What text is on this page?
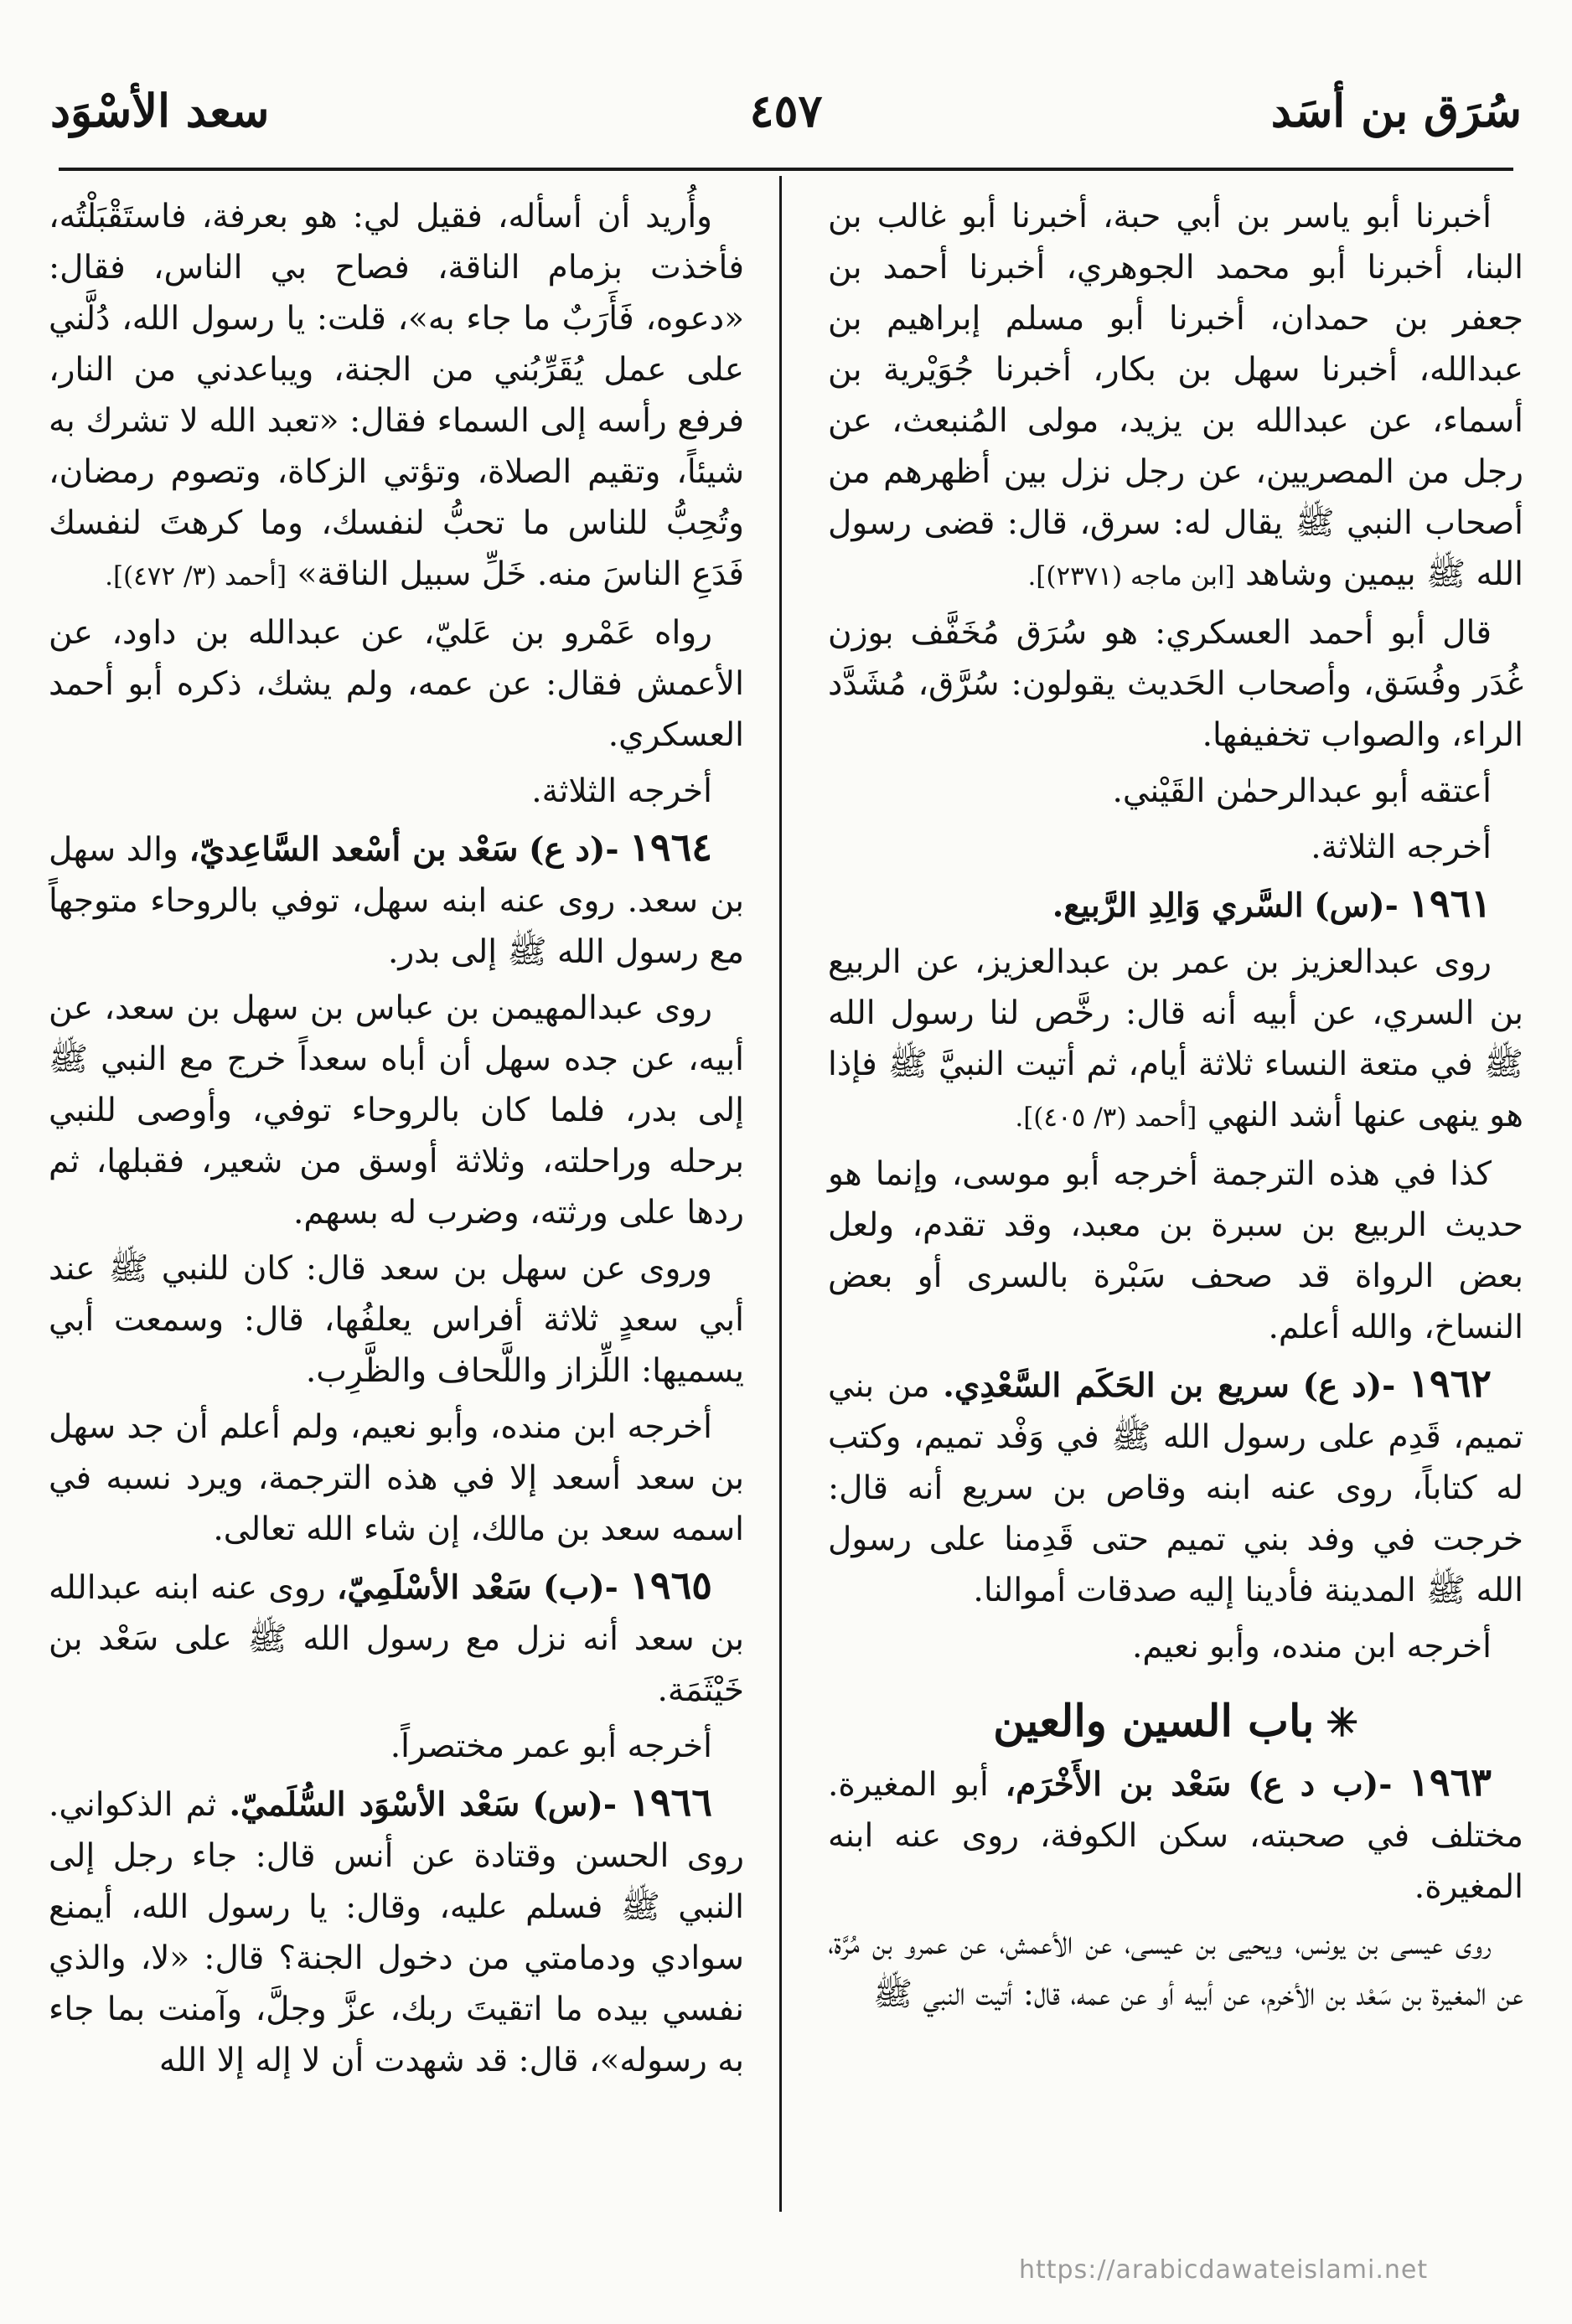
سُرَق بن أسَد
٤٥٧
سعد الأسْوَد
أخبرنا أبو ياسر بن أبي حبة، أخبرنا أبو غالب بن البنا، أخبرنا أبو محمد الجوهري، أخبرنا أحمد بن جعفر بن حمدان، أخبرنا أبو مسلم إبراهيم بن عبدالله، أخبرنا سهل بن بكار، أخبرنا جُوَيْرية بن أسماء، عن عبدالله بن يزيد، مولى المُنبعث، عن رجل من المصريين، عن رجل نزل بين أظهرهم من أصحاب النبي ﷺ يقال له: سرق، قال: قضى رسول الله ﷺ بيمين وشاهد [ابن ماجه (٢٣٧١)].
قال أبو أحمد العسكري: هو سُرَق مُخَفَّف بوزن غُدَر وفُسَق، وأصحاب الحَديث يقولون: سُرَّق، مُشَدَّد الراء، والصواب تخفيفها.
أعتقه أبو عبدالرحمٰن القَيْني.
أخرجه الثلاثة.
١٩٦١ -(س) السَّري وَالِدِ الرَّبيع.
روى عبدالعزيز بن عمر بن عبدالعزيز، عن الربيع بن السري، عن أبيه أنه قال: رخَّص لنا رسول الله ﷺ في متعة النساء ثلاثة أيام، ثم أتيت النبيَّ ﷺ فإذا هو ينهى عنها أشد النهي [أحمد (٣/ ٤٠٥)].
كذا في هذه الترجمة أخرجه أبو موسى، وإنما هو حديث الربيع بن سبرة بن معبد، وقد تقدم، ولعل بعض الرواة قد صحف سَبْرة بالسرى أو بعض النساخ، والله أعلم.
١٩٦٢ -(د ع) سريع بن الحَكَم السَّعْدِي. من بني تميم، قَدِم على رسول الله ﷺ في وَفْد تميم، وكتب له كتاباً، روى عنه ابنه وقاص بن سريع أنه قال: خرجت في وفد بني تميم حتى قَدِمنا على رسول الله ﷺ المدينة فأدينا إليه صدقات أموالنا.
أخرجه ابن منده، وأبو نعيم.
✳باب السين والعين
١٩٦٣ -(ب د ع) سَعْد بن الأَخْرَم، أبو المغيرة. مختلف في صحبته، سكن الكوفة، روى عنه ابنه المغيرة.
روى عيسى بن يونس، ويحيى بن عيسى، عن الأعمش، عن عمرو بن مُرَّة، عن المغيرة بن سَعْد بن الأخرم، عن أبيه أو عن عمه، قال: أتيت النبي ﷺ
وأُريد أن أسأله، فقيل لي: هو بعرفة، فاستَقْبَلْتُه، فأخذت بزمام الناقة، فصاح بي الناس، فقال: «دعوه، فَأَرَبٌ ما جاء به»، قلت: يا رسول الله، دُلَّني على عمل يُقَرِّبُني من الجنة، ويباعدني من النار، فرفع رأسه إلى السماء فقال: «تعبد الله لا تشرك به شيئاً، وتقيم الصلاة، وتؤتي الزكاة، وتصوم رمضان، وتُحِبُّ للناس ما تحبُّ لنفسك، وما كرهتَ لنفسك فَدَعِ الناسَ منه. خَلِّ سبيل الناقة» [أحمد (٣/ ٤٧٢)].
رواه عَمْرو بن عَليّ، عن عبدالله بن داود، عن الأعمش فقال: عن عمه، ولم يشك، ذكره أبو أحمد العسكري.
أخرجه الثلاثة.
١٩٦٤ -(د ع) سَعْد بن أسْعد السَّاعِديّ، والد سهل بن سعد. روى عنه ابنه سهل، توفي بالروحاء متوجهاً مع رسول الله ﷺ إلى بدر.
روى عبدالمهيمن بن عباس بن سهل بن سعد، عن أبيه، عن جده سهل أن أباه سعداً خرج مع النبي ﷺ إلى بدر، فلما كان بالروحاء توفي، وأوصى للنبي برحله وراحلته، وثلاثة أوسق من شعير، فقبلها، ثم ردها على ورثته، وضرب له بسهم.
وروى عن سهل بن سعد قال: كان للنبي ﷺ عند أبي سعدٍ ثلاثة أفراس يعلفُها، قال: وسمعت أبي يسميها: اللِّزاز واللَّحاف والظَّرِب.
أخرجه ابن منده، وأبو نعيم، ولم أعلم أن جد سهل بن سعد أسعد إلا في هذه الترجمة، ويرد نسبه في اسمه سعد بن مالك، إن شاء الله تعالى.
١٩٦٥ -(ب) سَعْد الأسْلَمِيّ، روى عنه ابنه عبدالله بن سعد أنه نزل مع رسول الله ﷺ على سَعْد بن خَيْثَمَة.
أخرجه أبو عمر مختصراً.
١٩٦٦ -(س) سَعْد الأسْوَد السُّلَميّ. ثم الذكواني. روى الحسن وقتادة عن أنس قال: جاء رجل إلى النبي ﷺ فسلم عليه، وقال: يا رسول الله، أيمنع سوادي ودمامتي من دخول الجنة؟ قال: «لا، والذي نفسي بيده ما اتقيتَ ربك، عزَّ وجلَّ، وآمنت بما جاء به رسوله»، قال: قد شهدت أن لا إله إلا الله
https://arabicdawateislami.net
